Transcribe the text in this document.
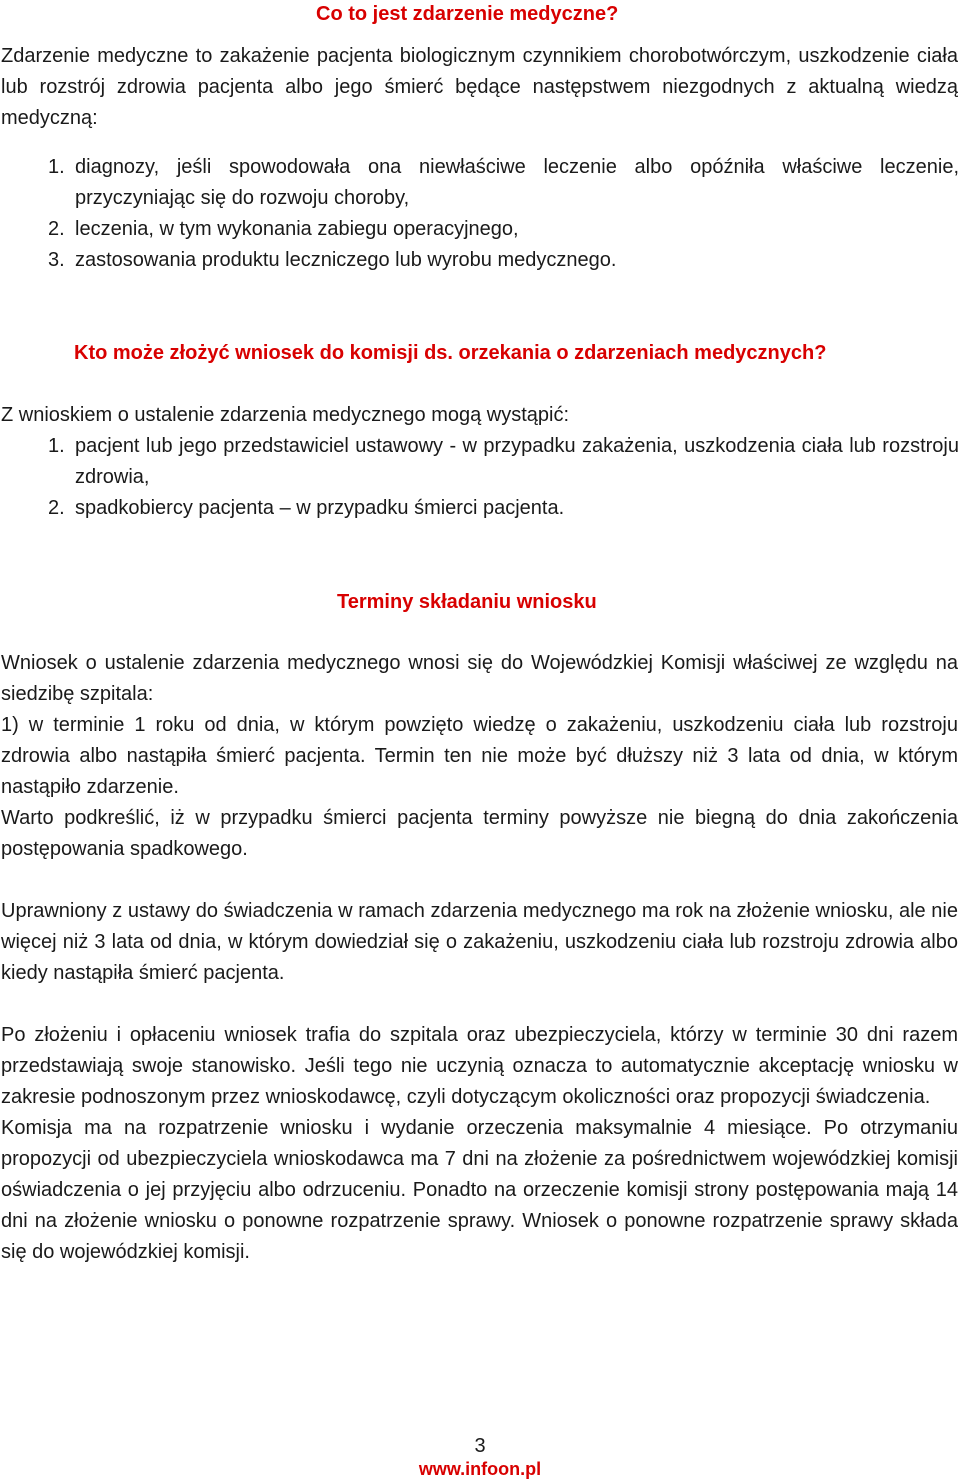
Co to jest zdarzenie medyczne?

Zdarzenie medyczne to zakażenie pacjenta biologicznym czynnikiem chorobotwórczym, uszkodzenie ciała lub rozstrój zdrowia pacjenta albo jego śmierć będące następstwem niezgodnych z aktualną wiedzą medyczną:

1. diagnozy, jeśli spowodowała ona niewłaściwe leczenie albo opóźniła właściwe leczenie, przyczyniając się do rozwoju choroby,
2. leczenia, w tym wykonania zabiegu operacyjnego,
3. zastosowania produktu leczniczego lub wyrobu medycznego.
Kto może złożyć wniosek do komisji ds. orzekania o zdarzeniach medycznych?
Z wnioskiem o ustalenie zdarzenia medycznego mogą wystąpić:
1. pacjent lub jego przedstawiciel ustawowy - w przypadku zakażenia, uszkodzenia ciała lub rozstroju zdrowia,
2. spadkobiercy pacjenta – w przypadku śmierci pacjenta.
Terminy składaniu wniosku

Wniosek o ustalenie zdarzenia medycznego wnosi się do Wojewódzkiej Komisji właściwej ze względu na siedzibę szpitala:

1) w terminie 1 roku od dnia, w którym powzięto wiedzę o zakażeniu, uszkodzeniu ciała lub rozstroju zdrowia albo nastąpiła śmierć pacjenta. Termin ten nie może być dłuższy niż 3 lata od dnia, w którym nastąpiło zdarzenie.

Warto podkreślić, iż w przypadku śmierci pacjenta terminy powyższe nie biegną do dnia zakończenia postępowania spadkowego.

Uprawniony z ustawy do świadczenia w ramach zdarzenia medycznego ma rok na złożenie wniosku, ale nie więcej niż 3 lata od dnia, w którym dowiedział się o zakażeniu, uszkodzeniu ciała lub rozstroju zdrowia albo kiedy nastąpiła śmierć pacjenta.

Po złożeniu i opłaceniu wniosek trafia do szpitala oraz ubezpieczyciela, którzy w terminie 30 dni razem przedstawiają swoje stanowisko. Jeśli tego nie uczynią oznacza to automatycznie akceptację wniosku w zakresie podnoszonym przez wnioskodawcę, czyli dotyczącym okoliczności oraz propozycji świadczenia.

Komisja ma na rozpatrzenie wniosku i wydanie orzeczenia maksymalnie 4 miesiące. Po otrzymaniu propozycji od ubezpieczyciela wnioskodawca ma 7 dni na złożenie za pośrednictwem wojewódzkiej komisji oświadczenia o jej przyjęciu albo odrzuceniu. Ponadto na orzeczenie komisji strony postępowania mają 14 dni na złożenie wniosku o ponowne rozpatrzenie sprawy. Wniosek o ponowne rozpatrzenie sprawy składa się do wojewódzkiej komisji.

3
www.infoon.pl
